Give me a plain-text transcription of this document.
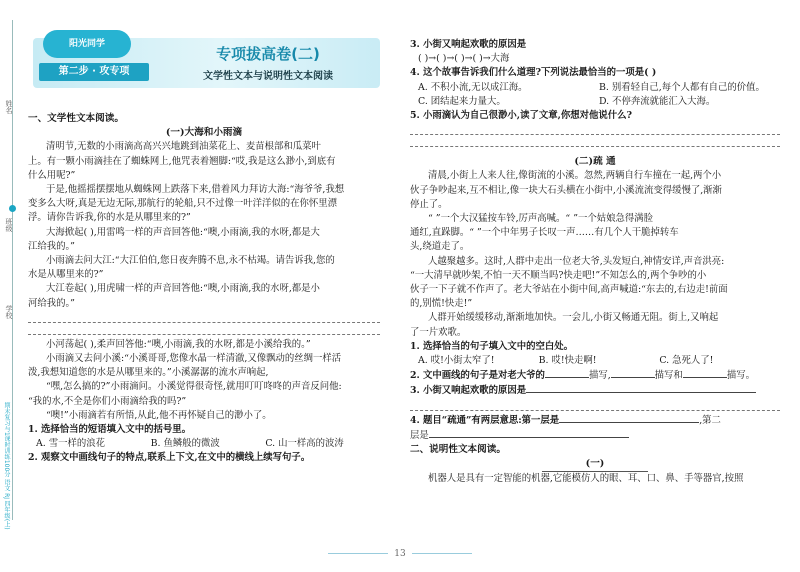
姓名
班级
学校
期末复习与1课时训练100分 语文 RJ 四年级(上)
阳光同学
第二步 · 攻专项
专项拔高卷(二)
文学性文本与说明性文本阅读

一、文学性文本阅读。

(一)大海和小雨滴

清明节,无数的小雨滴高高兴兴地跳到油菜花上、麦苗根部和瓜菜叶

上。有一颗小雨滴挂在了蜘蛛网上,他咒表着翘脚:“哎,我是这么渺小,到底有

什么用呢?”

于是,他摇摇摆摆地从蜘蛛网上跌落下来,借着风力拜访大海:“海爷爷,我想

变多么大呀,真是无边无际,那航行的轮船,只不过像一叶洋洋似的在你怀里漂

浮。请你告诉我,你的水是从哪里来的?”

大海掀起( ),用雷鸣一样的声音回答他:“噢,小雨滴,我的水呀,都是大

江给我的。”

小雨滴去问大江:“大江伯伯,您日夜奔腾不息,永不枯竭。请告诉我,您的

水是从哪里来的?”

大江卷起( ),用虎啸一样的声音回答他:“噢,小雨滴,我的水呀,都是小

河给我的。”

小河荡起( ),柔声回答他:“噢,小雨滴,我的水呀,都是小溪给我的。”

小雨滴又去问小溪:“小溪哥哥,您像水晶一样清澈,又像飘动的丝绸一样活

泼,我想知道您的水是从哪里来的。”小溪潺潺的流水声响起,

“嘿,怎么搞的?”小雨滴问。小溪觉得很奇怪,就用叮叮咚咚的声音反问他:

“我的水,不全是你们小雨滴给我的吗?”

“噢!”小雨滴若有所悟,从此,他不再怀疑自己的渺小了。

1. 选择恰当的短语填入文中的括号里。

A. 雪一样的浪花	B. 鱼鳞般的微波	C. 山一样高的波涛

2. 观察文中画线句子的特点,联系上下文,在文中的横线上续写句子。

3. 小街又响起欢歌的原因是

( )→( )→( )→( )→大海

4. 这个故事告诉我们什么道理?下列说法最恰当的一项是( )

A. 不积小流,无以成江海。	B. 别看轻自己,每个人都有自己的价值。
C. 团结起来力量大。	D. 不停奔流就能汇入大海。

5. 小雨滴认为自己很渺小,读了文章,你想对他说什么?

(二)疏 通

清晨,小街上人来人往,像街流的小溪。忽然,两辆自行车撞在一起,两个小

伙子争吵起来,互不相让,像一块大石头横在小街中,小溪流流变得缓慢了,渐渐

停止了。

“ ”一个大汉猛按车铃,厉声高喊。“ ”一个姑娘急得满脸

通红,直跺脚。“ ”一个中年男子长叹一声……有几个人干脆掉转车

头,绕道走了。

人越聚越多。这时,人群中走出一位老大爷,头发短白,神情安详,声音洪亮:

“一大清早就吵架,不怕一天不顺当吗?快走吧!”不知怎么的,两个争吵的小

伙子一下子就不作声了。老大爷站在小街中间,高声喊道:“东去的,右边走!前面

的,别慌!快走!”

人群开始缓缓移动,渐渐地加快。一会儿,小街又畅通无阻。街上,又响起

了一片欢歌。

1. 选择恰当的句子填入文中的空白处。

A. 哎!小街太窄了!	B. 哎!快走啊!	C. 急死人了!

2. 文中画线的句子是对老大爷的	描写,	描写和	描写。

3. 小街又响起欢歌的原因是

4. 题目“疏通”有两层意思:第一层是	,第二

层是

二、说明性文本阅读。

(一)

机器人是具有一定智能的机器,它能模仿人的眼、耳、口、鼻、手等器官,按照

13
